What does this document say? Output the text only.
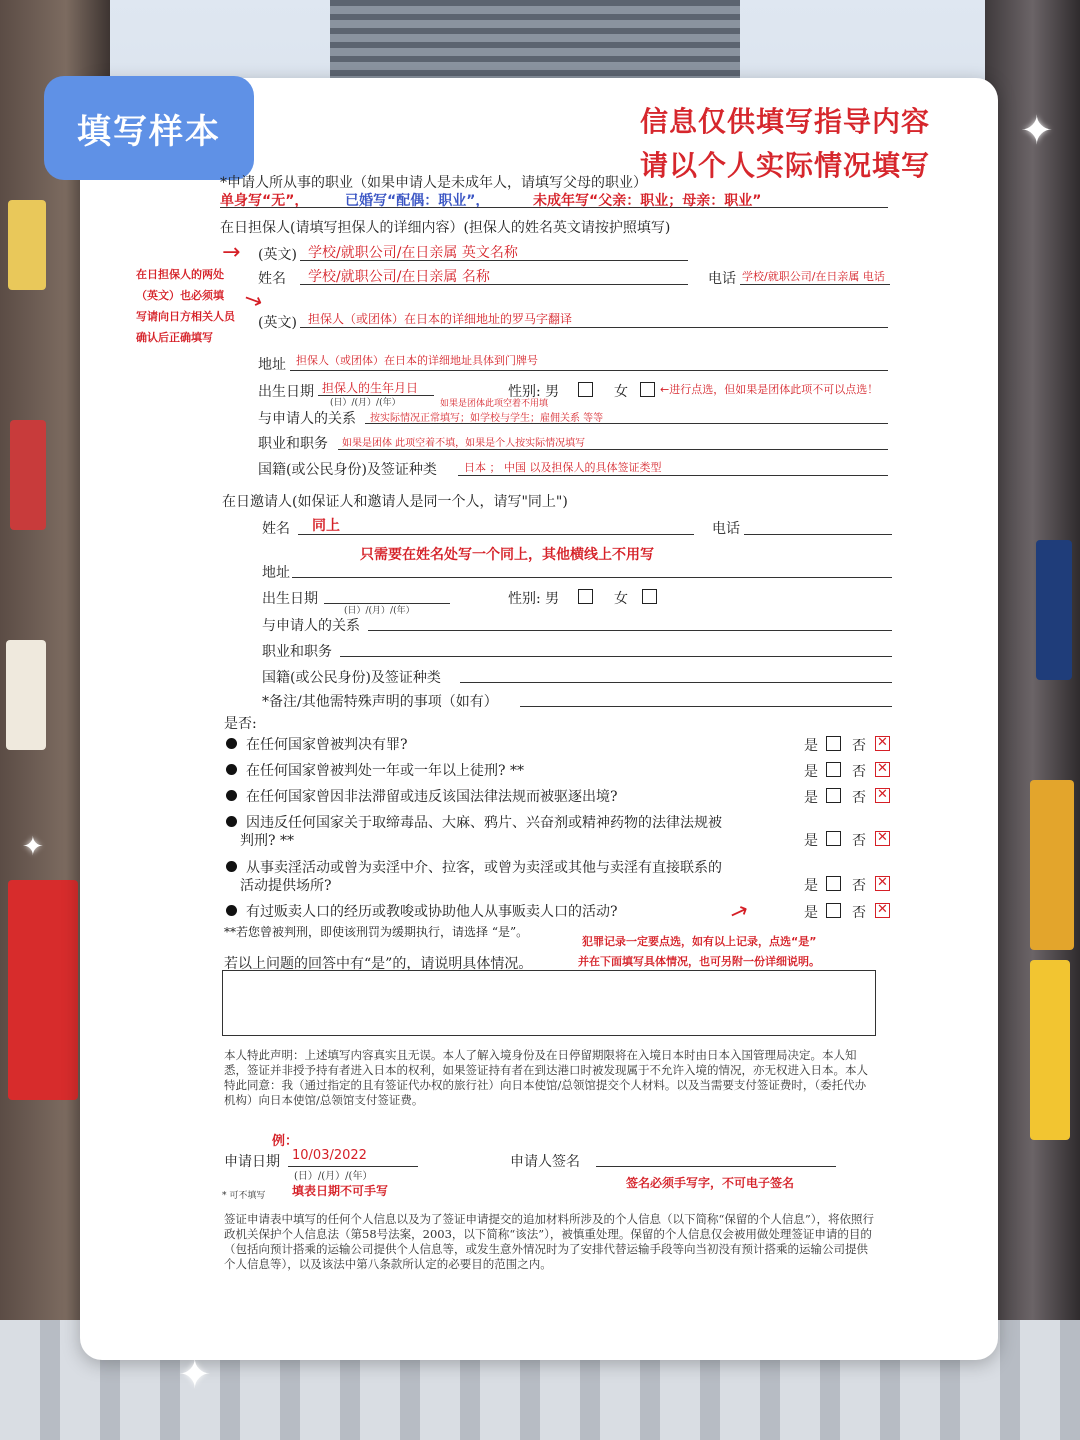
填写样本	信息仅供填写指导内容
请以个人实际情况填写
✦
✦
✦
*申请人所从事的职业（如果申请人是未成年人，请填写父母的职业）
单身写“无”，	已婚写“配偶：职业”，	未成年写“父亲：职业；母亲：职业”
在日担保人(请填写担保人的详细内容）(担保人的姓名英文请按护照填写)
→ (英文) 学校/就职公司/在日亲属 英文名称
姓名 学校/就职公司/在日亲属 名称	电话 学校/就职公司/在日亲属 电话
在日担保人的两处
（英文）也必须填
写请向日方相关人员
确认后正确填写
→
(英文) 担保人（或团体）在日本的详细地址的罗马字翻译
地址 担保人（或团体）在日本的详细地址具体到门牌号
出生日期 担保人的生年月日
(日）/(月）/(年）	如果是团体此项空着不用填
性别: 男	女	←进行点选，但如果是团体此项不可以点选！
与申请人的关系 按实际情况正常填写；如学校与学生；雇佣关系 等等
职业和职务 如果是团体 此项空着不填，如果是个人按实际情况填写
国籍(或公民身份)及签证种类 日本 ； 中国 以及担保人的具体签证类型
在日邀请人(如保证人和邀请人是同一个人，请写"同上")
姓名 同上	电话
只需要在姓名处写一个同上，其他横线上不用写
地址
出生日期
(日）/(月）/(年）
性别: 男	女
与申请人的关系
职业和职务
国籍(或公民身份)及签证种类
*备注/其他需特殊声明的事项（如有）
是否:
在任何国家曾被判决有罪?	是 否 ✕
在任何国家曾被判处一年或一年以上徒刑? **	是 否 ✕
在任何国家曾因非法滞留或违反该国法律法规而被驱逐出境?	是 否 ✕
因违反任何国家关于取缔毒品、大麻、鸦片、兴奋剂或精神药物的法律法规被
判刑? **	是 否 ✕
从事卖淫活动或曾为卖淫中介、拉客，或曾为卖淫或其他与卖淫有直接联系的
活动提供场所?	是 否 ✕
有过贩卖人口的经历或教唆或协助他人从事贩卖人口的活动?	→	是 否 ✕
**若您曾被判刑，即使该刑罚为缓期执行，请选择 “是”。
犯罪记录一定要点选，如有以上记录，点选“是”
并在下面填写具体情况，也可另附一份详细说明。
若以上问题的回答中有“是”的，请说明具体情况。
本人特此声明：上述填写内容真实且无误。本人了解入境身份及在日停留期限将在入境日本时由日本入国管理局决定。本人知悉，签证并非授予持有者进入日本的权利，如果签证持有者在到达港口时被发现属于不允许入境的情况，亦无权进入日本。本人特此同意：我（通过指定的且有签证代办权的旅行社）向日本使馆/总领馆提交个人材料。以及当需要支付签证费时，（委托代办机构）向日本使馆/总领馆支付签证费。
例：
申请日期 10/03/2022
(日）/(月）/(年）
填表日期不可手写
申请人签名
签名必须手写字，不可电子签名
* 可不填写
签证申请表中填写的任何个人信息以及为了签证申请提交的追加材料所涉及的个人信息（以下简称“保留的个人信息”），将依照行政机关保护个人信息法（第58号法案，2003，以下简称“该法”），被慎重处理。保留的个人信息仅会被用做处理签证申请的目的（包括向预计搭乘的运输公司提供个人信息等，或发生意外情况时为了安排代替运输手段等向当初没有预计搭乘的运输公司提供个人信息等），以及该法中第八条款所认定的必要目的范围之内。
